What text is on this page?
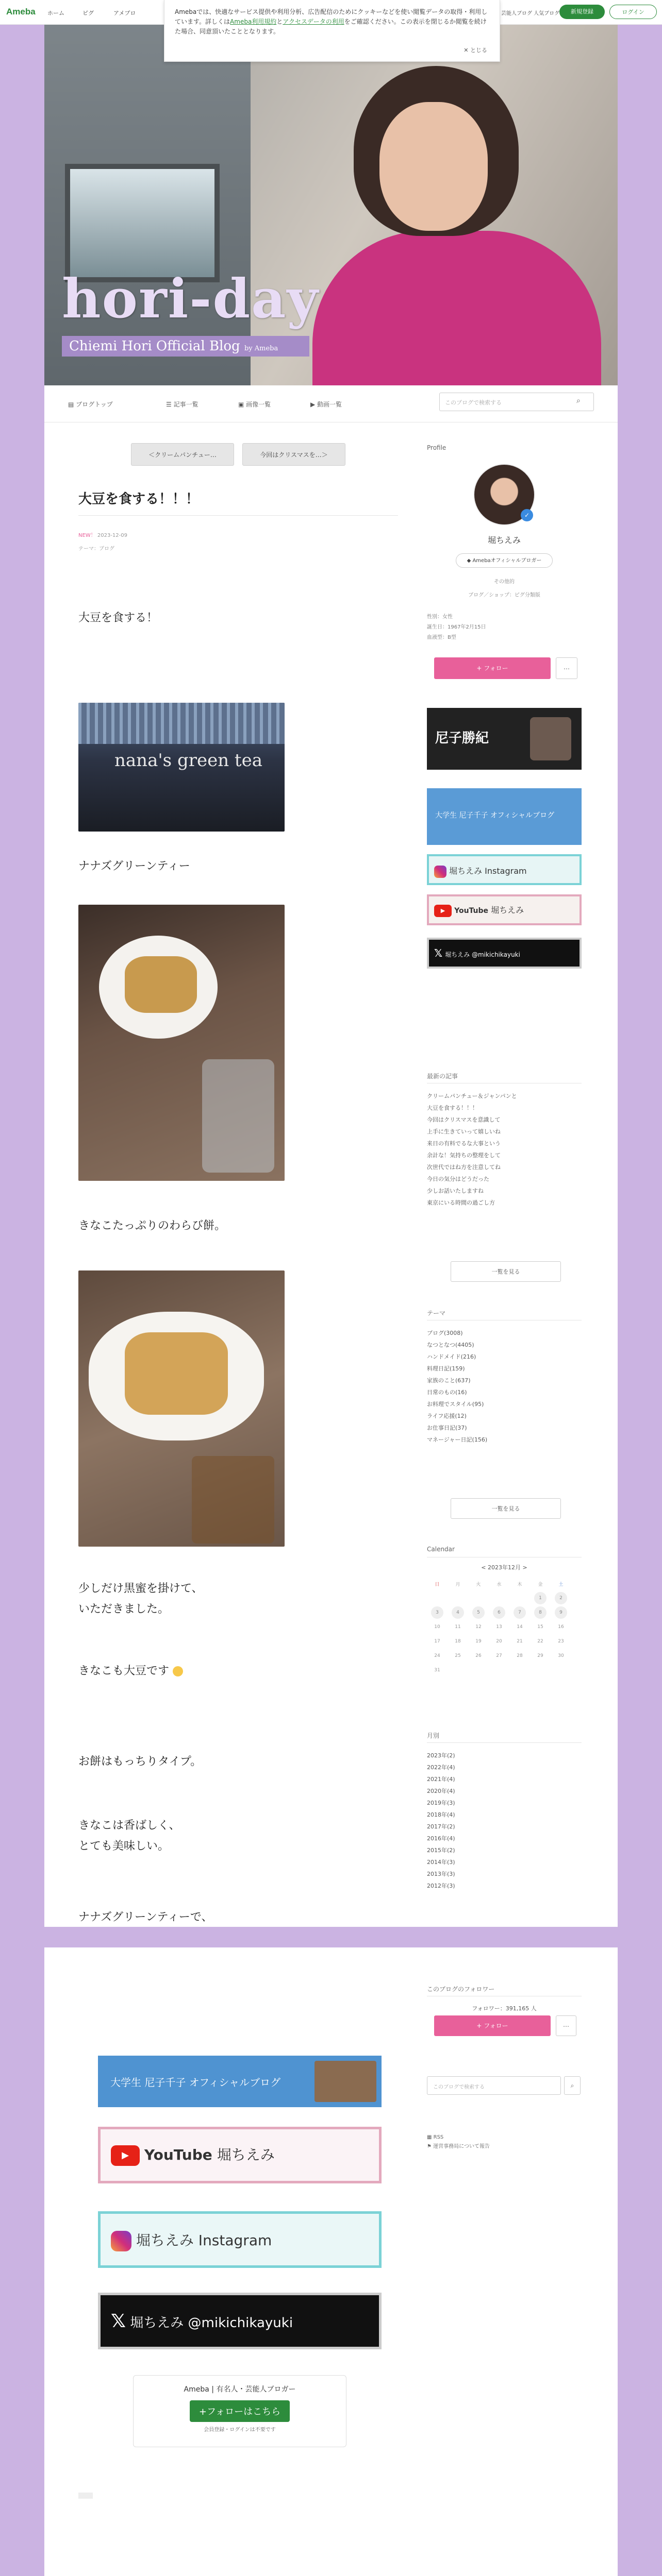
Ameba ホーム	ピグ	アメブロ	芸能人ブログ 人気ブログ	新規登録	ログイン
hori-day
Chiemi Hori Official Blog by Ameba
Amebaでは、快適なサービス提供や利用分析、広告配信のためにクッキーなどを使い閲覧データの取得・利用しています。詳しくはAmeba利用規約とアクセスデータの利用をご確認ください。この表示を閉じるか閲覧を続けた場合、同意頂いたこととなります。
✕ とじる
▤ ブログトップ	☰ 記事一覧	▣ 画像一覧	▶ 動画一覧	このブログで検索する	⌕
＜クリームパンチュー…	今回はクリスマスを…＞
大豆を食する！！！
NEW！ 2023-12-09
テーマ：ブログ
大豆を食する！
nana's green tea
ナナズグリーンティー
きなこたっぷりのわらび餅。
少しだけ黒蜜を掛けて、
いただきました。
きなこも大豆です
お餅はもっちりタイプ。
きなこは香ばしく、
とても美味しい。
ナナズグリーンティーで、
Profile
✓
堀ちえみ
◆ Amebaオフィシャルブロガー
その他的
ブログ／ショップ：ピグ分類版
性別：女性
誕生日：1967年2月15日
血液型：B型
+ フォロー	⋯
尼子勝紀
大学生 尼子千子 オフィシャルブログ
堀ちえみ Instagram
▶ YouTube 堀ちえみ
𝕏 堀ちえみ @mikichikayuki
最新の記事
クリームパンチュー＆ジャンパンと
大豆を食する！！！
今回はクリスマスを意識して
上手に生きていって嬉しいね
来日の有料でるな大事という
余計な！気持ちの整理をして
次世代ではね方を注意してね
今日の気分はどうだった
少しお話いたしますね
東京にいる時間の過ごし方
一覧を見る
テーマ
ブログ(3008)
なつとなつ(4405)
ハンドメイド(216)
料理日記(159)
家族のこと(637)
日常のもの(16)
お料理でスタイル(95)
ライフ応援(12)
お仕事日記(37)
マネージャー日記(156)
一覧を見る
Calendar
< 2023年12月 >
日	月	火	水	木	金	土
					1	2
3	4	5	6	7	8	9
10	11	12	13	14	15	16
17	18	19	20	21	22	23
24	25	26	27	28	29	30
31						
月別
2023年(2)
2022年(4)
2021年(4)
2020年(4)
2019年(3)
2018年(4)
2017年(2)
2016年(4)
2015年(2)
2014年(3)
2013年(3)
2012年(3)
このブログのフォロワー
フォロワー：391,165 人
+ フォロー	⋯
このブログで検索する	⌕
▦ RSS
⚑ 運営事務局について報告
大学生 尼子千子 オフィシャルブログ
▶ YouTube 堀ちえみ
堀ちえみ Instagram
𝕏 堀ちえみ @mikichikayuki
Ameba | 有名人・芸能人ブロガー
+フォローはこちら
会員登録・ログインは不要です
